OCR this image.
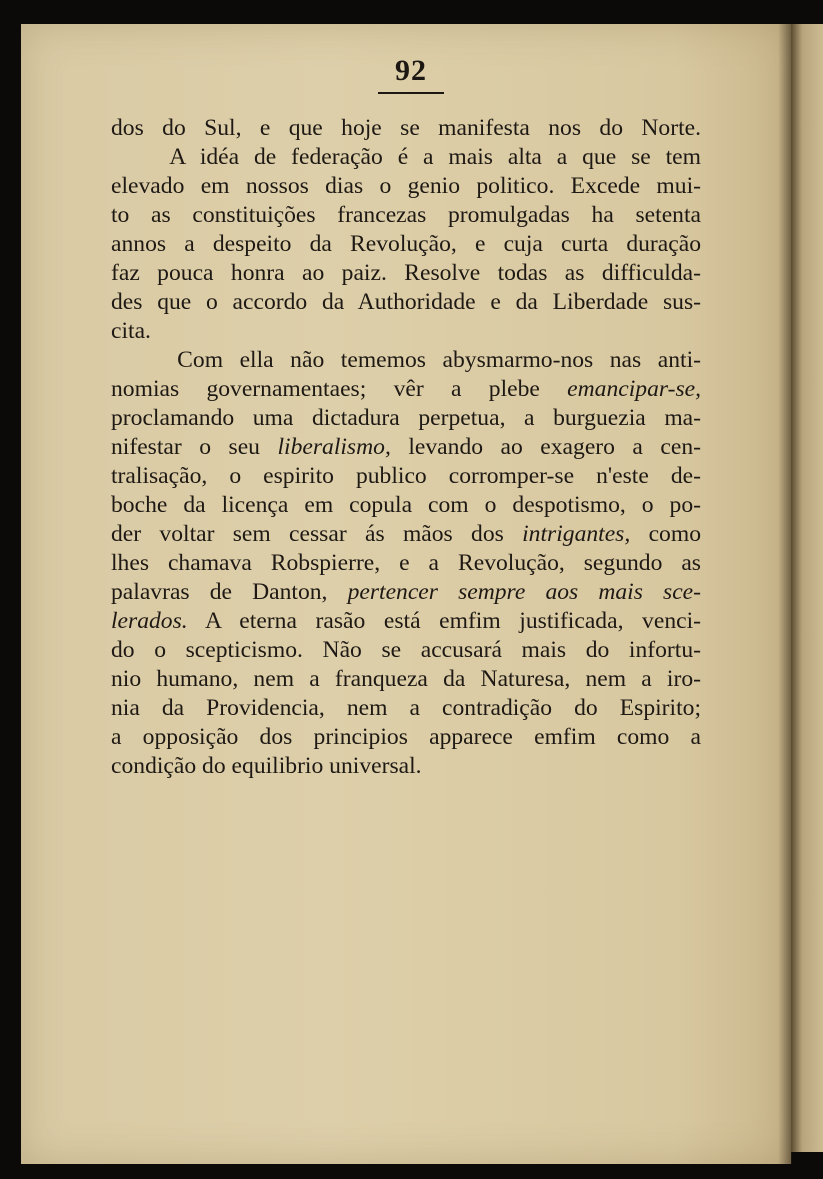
92
dos do Sul, e que hoje se manifesta nos do Norte.
A idéa de federação é a mais alta a que se tem
elevado em nossos dias o genio politico. Excede mui-
to as constituições francezas promulgadas ha setenta
annos a despeito da Revolução, e cuja curta duração
faz pouca honra ao paiz. Resolve todas as difficulda-
des que o accordo da Authoridade e da Liberdade sus-
cita.
Com ella não tememos abysmarmo-nos nas anti-
nomias governamentaes; vêr a plebe emancipar-se,
proclamando uma dictadura perpetua, a burguezia ma-
nifestar o seu liberalismo, levando ao exagero a cen-
tralisação, o espirito publico corromper-se n'este de-
boche da licença em copula com o despotismo, o po-
der voltar sem cessar ás mãos dos intrigantes, como
lhes chamava Robspierre, e a Revolução, segundo as
palavras de Danton, pertencer sempre aos mais sce-
lerados. A eterna rasão está emfim justificada, venci-
do o scepticismo. Não se accusará mais do infortu-
nio humano, nem a franqueza da Naturesa, nem a iro-
nia da Providencia, nem a contradição do Espirito;
a opposição dos principios apparece emfim como a
condição do equilibrio universal.
